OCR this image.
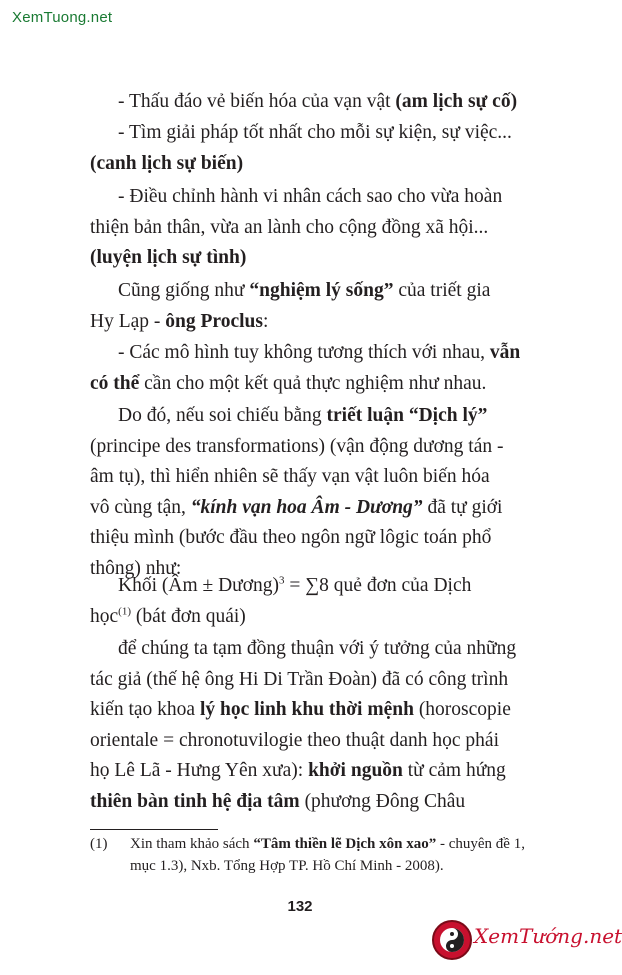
XemTuong.net

- Thấu đáo vẻ biến hóa của vạn vật (am lịch sự cố)

- Tìm giải pháp tốt nhất cho mỗi sự kiện, sự việc...
(canh lịch sự biến)

- Điều chỉnh hành vi nhân cách sao cho vừa hoàn
thiện bản thân, vừa an lành cho cộng đồng xã hội...
(luyện lịch sự tình)

Cũng giống như “nghiệm lý sống” của triết gia
Hy Lạp - ông Proclus:

- Các mô hình tuy không tương thích với nhau, vẫn
có thể cần cho một kết quả thực nghiệm như nhau.

Do đó, nếu soi chiếu bằng triết luận “Dịch lý”
(principe des transformations) (vận động dương tán -
âm tụ), thì hiển nhiên sẽ thấy vạn vật luôn biến hóa
vô cùng tận, “kính vạn hoa Âm - Dương” đã tự giới
thiệu mình (bước đầu theo ngôn ngữ lôgic toán phổ
thông) như:

Khối (Âm ± Dương)$^3$ = ∑8 quẻ đơn của Dịch
học$^{(1)}$ (bát đơn quái)

để chúng ta tạm đồng thuận với ý tưởng của những
tác giả (thế hệ ông Hi Di Trần Đoàn) đã có công trình
kiến tạo khoa lý học linh khu thời mệnh (horoscopie
orientale = chronotuvilogie theo thuật danh học phái
họ Lê Lã - Hưng Yên xưa): khởi nguồn từ cảm hứng
thiên bàn tinh hệ địa tâm (phương Đông Châu

(1) Xin tham khảo sách “Tâm thiền lẽ Dịch xôn xao” - chuyên đề 1,
mục 1.3), Nxb. Tổng Hợp TP. Hồ Chí Minh - 2008).

132
XemTướng.net
